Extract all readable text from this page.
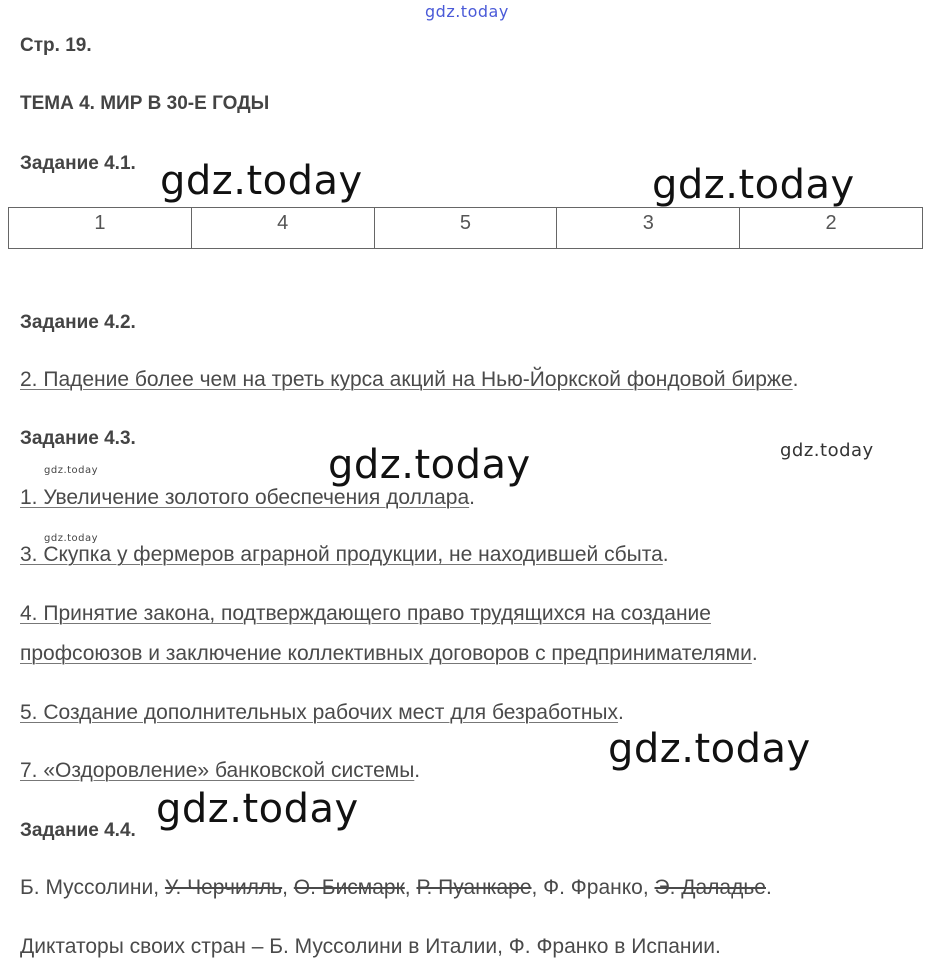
gdz.today
gdz.today	gdz.today
gdz.today	gdz.today
gdz.today
gdz.today
gdz.today
gdz.today
Стр. 19.
ТЕМА 4. МИР В 30-Е ГОДЫ
Задание 4.1.
1	4	5	3	2
Задание 4.2.
2. Падение более чем на треть курса акций на Нью-Йоркской фондовой бирже.
Задание 4.3.
1. Увеличение золотого обеспечения доллара.
3. Скупка у фермеров аграрной продукции, не находившей сбыта.
4. Принятие закона, подтверждающего право трудящихся на создание
профсоюзов и заключение коллективных договоров с предпринимателями.
5. Создание дополнительных рабочих мест для безработных.
7. «Оздоровление» банковской системы.
Задание 4.4.
Б. Муссолини, У. Черчилль, О. Бисмарк, Р. Пуанкаре, Ф. Франко, Э. Даладье.
Диктаторы своих стран – Б. Муссолини в Италии, Ф. Франко в Испании.
